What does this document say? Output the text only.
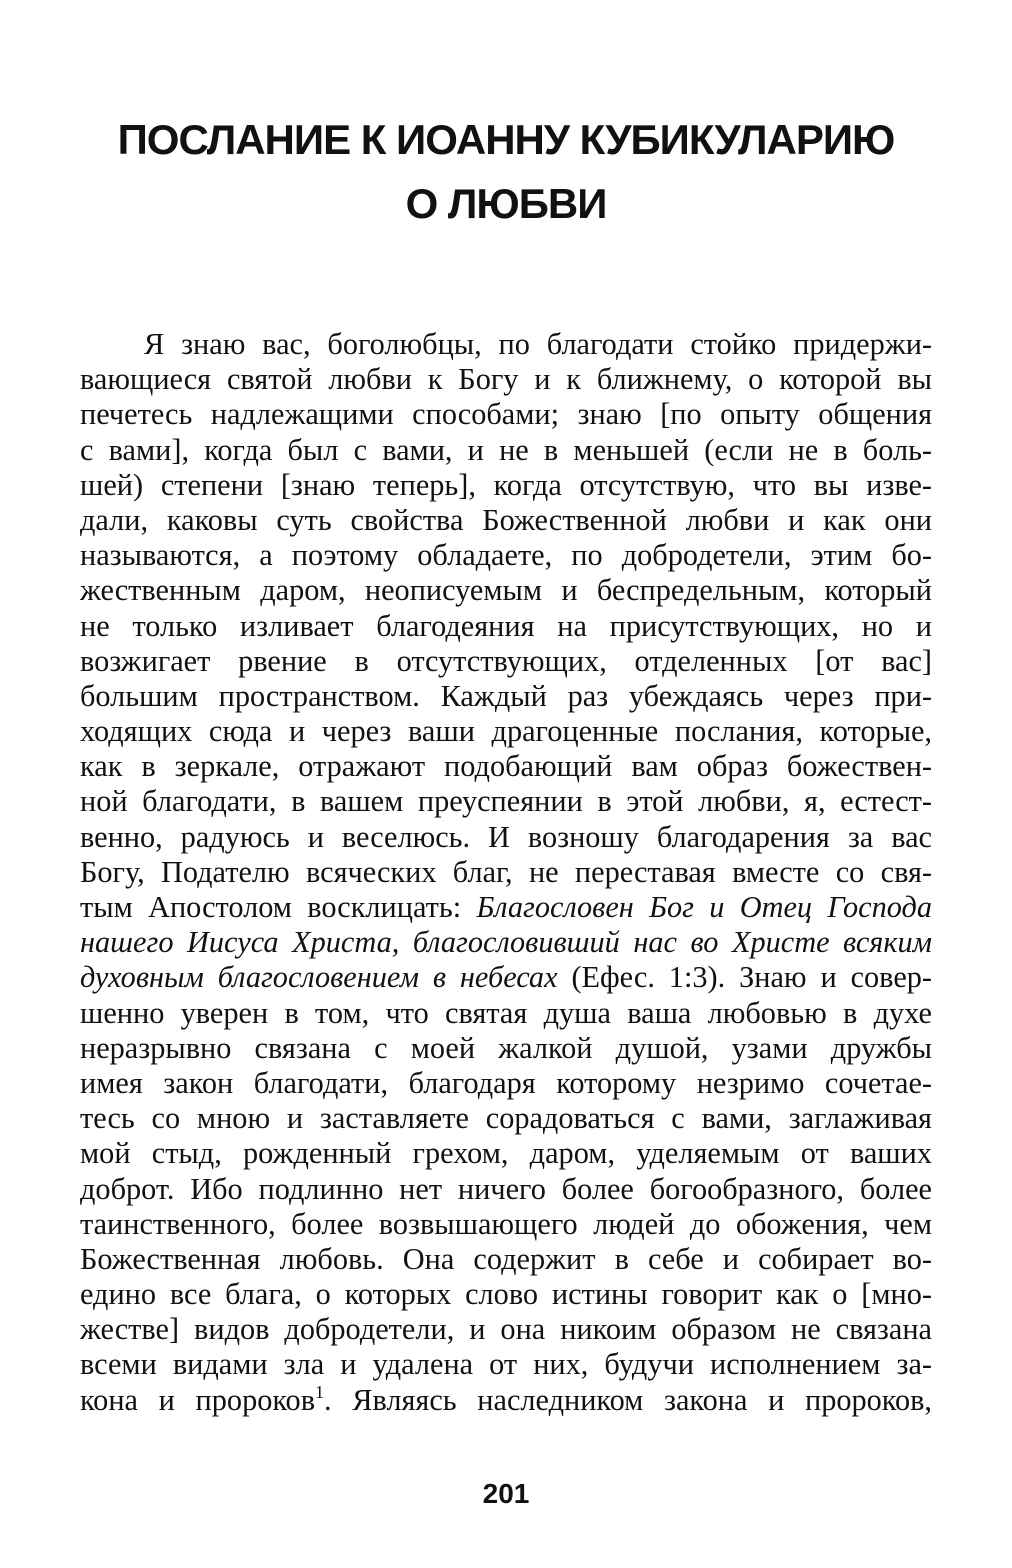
ПОСЛАНИЕ К ИОАННУ КУБИКУЛАРИЮ
О ЛЮБВИ
Я знаю вас, боголюбцы, по благодати стойко придержи-
вающиеся святой любви к Богу и к ближнему, о которой вы
печетесь надлежащими способами; знаю [по опыту общения
с вами], когда был с вами, и не в меньшей (если не в боль-
шей) степени [знаю теперь], когда отсутствую, что вы изве-
дали, каковы суть свойства Божественной любви и как они
называются, а поэтому обладаете, по добродетели, этим бо-
жественным даром, неописуемым и беспредельным, который
не только изливает благодеяния на присутствующих, но и
возжигает рвение в отсутствующих, отделенных [от вас]
большим пространством. Каждый раз убеждаясь через при-
ходящих сюда и через ваши драгоценные послания, которые,
как в зеркале, отражают подобающий вам образ божествен-
ной благодати, в вашем преуспеянии в этой любви, я, естест-
венно, радуюсь и веселюсь. И возношу благодарения за вас
Богу, Подателю всяческих благ, не переставая вместе со свя-
тым Апостолом восклицать: Благословен Бог и Отец Господа
нашего Иисуса Христа, благословивший нас во Христе всяким
духовным благословением в небесах (Ефес. 1:3). Знаю и совер-
шенно уверен в том, что святая душа ваша любовью в духе
неразрывно связана с моей жалкой душой, узами дружбы
имея закон благодати, благодаря которому незримо сочетае-
тесь со мною и заставляете сорадоваться с вами, заглаживая
мой стыд, рожденный грехом, даром, уделяемым от ваших
доброт. Ибо подлинно нет ничего более богообразного, более
таинственного, более возвышающего людей до обожения, чем
Божественная любовь. Она содержит в себе и собирает во-
едино все блага, о которых слово истины говорит как о [мно-
жестве] видов добродетели, и она никоим образом не связана
всеми видами зла и удалена от них, будучи исполнением за-
кона и пророков$^1$. Являясь наследником закона и пророков,
201
